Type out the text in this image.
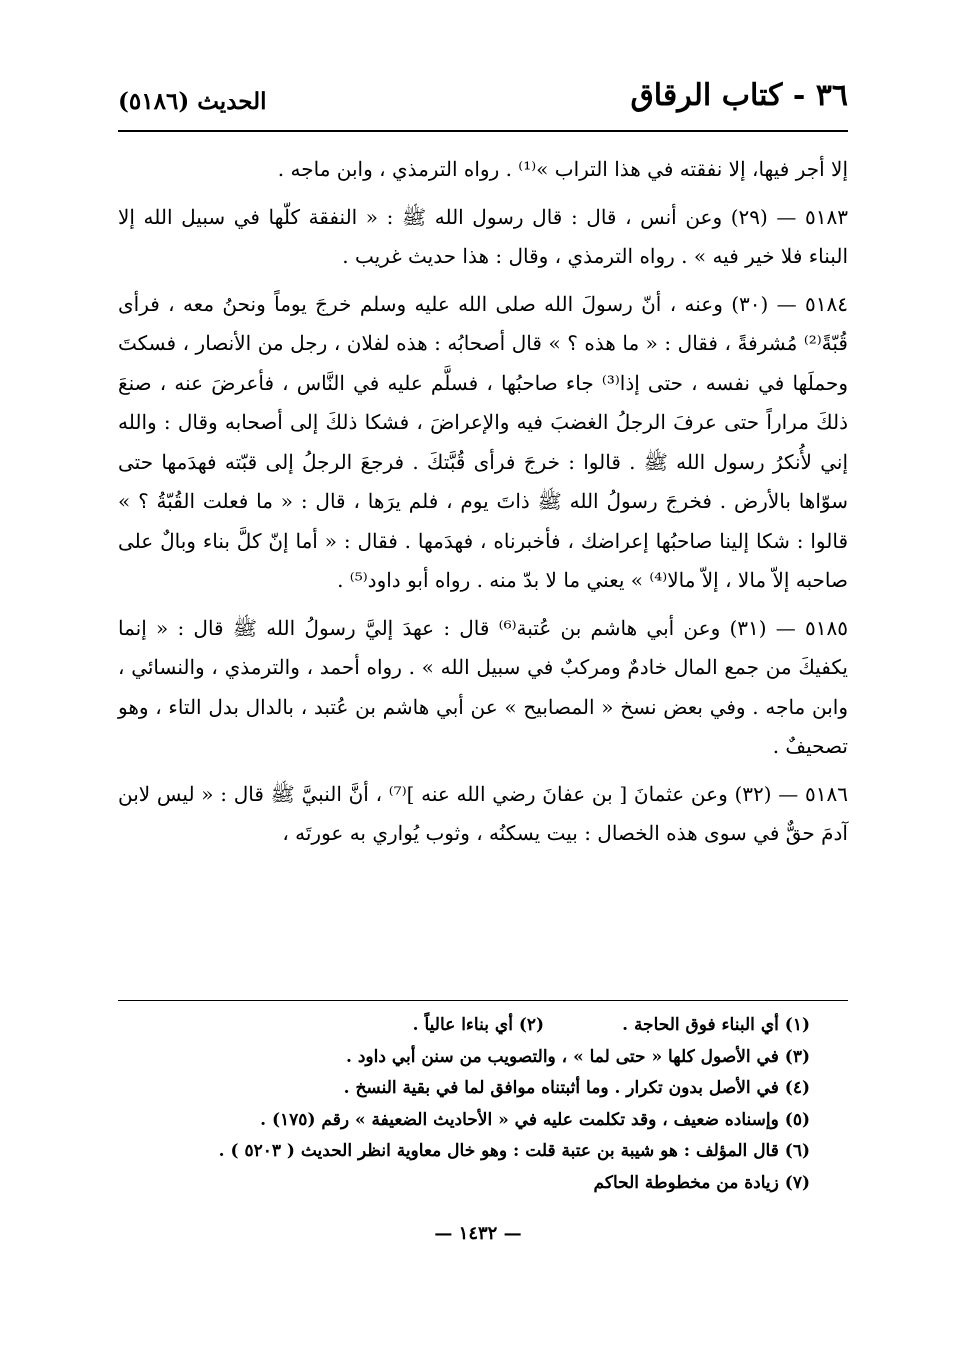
٣٦ - كتاب الرقاق
الحديث (٥١٨٦)

إلا أجر فيها، إلا نفقته في هذا التراب »⁽¹⁾ . رواه الترمذي ، وابن ماجه .

٥١٨٣ — (٢٩) وعن أنس ، قال : قال رسول الله ﷺ : « النفقة كلّها في سبيل الله إلا البناء فلا خير فيه » . رواه الترمذي ، وقال : هذا حديث غريب .

٥١٨٤ — (٣٠) وعنه ، أنّ رسولَ الله صلى الله عليه وسلم خرجَ يوماً ونحنُ معه ، فرأى قُبّةً⁽²⁾ مُشرفةً ، فقال : « ما هذه ؟ » قال أصحابُه : هذه لفلان ، رجل من الأنصار ، فسكتَ وحملَها في نفسه ، حتى إذا⁽³⁾ جاء صاحبُها ، فسلَّم عليه في النَّاس ، فأعرضَ عنه ، صنعَ ذلكَ مراراً حتى عرفَ الرجلُ الغضبَ فيه والإعراضَ ، فشكا ذلكَ إلى أصحابه وقال : والله إني لأُنكرُ رسول الله ﷺ . قالوا : خرجَ فرأى قُبَّتكَ . فرجعَ الرجلُ إلى قبّته فهدَمها حتى سوّاها بالأرض . فخرجَ رسولُ الله ﷺ ذاتَ يوم ، فلم يرَها ، قال : « ما فعلت القُبّةُ ؟ » قالوا : شكا إلينا صاحبُها إعراضك ، فأخبرناه ، فهدَمها . فقال : « أما إنّ كلَّ بناء وبالٌ على صاحبه إلاّ مالا ، إلاّ مالا⁽⁴⁾ » يعني ما لا بدّ منه . رواه أبو داود⁽⁵⁾ .

٥١٨٥ — (٣١) وعن أبي هاشم بن عُتبة⁽⁶⁾ قال : عهدَ إليَّ رسولُ الله ﷺ قال : « إنما يكفيكَ من جمع المال خادمٌ ومركبٌ في سبيل الله » . رواه أحمد ، والترمذي ، والنسائي ، وابن ماجه . وفي بعض نسخ « المصابيح » عن أبي هاشم بن عُتبد ، بالدال بدل التاء ، وهو تصحيفٌ .

٥١٨٦ — (٣٢) وعن عثمانَ [ بن عفانَ رضي الله عنه ]⁽⁷⁾ ، أنَّ النبيَّ ﷺ قال : « ليس لابن آدمَ حقٌّ في سوى هذه الخصال : بيت يسكنُه ، وثوب يُواري به عورتَه ،

(١) أي البناء فوق الحاجة . (٢) أي بناءا عالياً .
(٣) في الأصول كلها « حتى لما » ، والتصويب من سنن أبي داود .
(٤) في الأصل بدون تكرار . وما أثبتناه موافق لما في بقية النسخ .
(٥) وإسناده ضعيف ، وقد تكلمت عليه في « الأحاديث الضعيفة » رقم (١٧٥) .
(٦) قال المؤلف : هو شيبة بن عتبة قلت : وهو خال معاوية انظر الحديث ( ٥٢٠٣ ) .
(٧) زيادة من مخطوطة الحاكم
— ١٤٣٢ —
